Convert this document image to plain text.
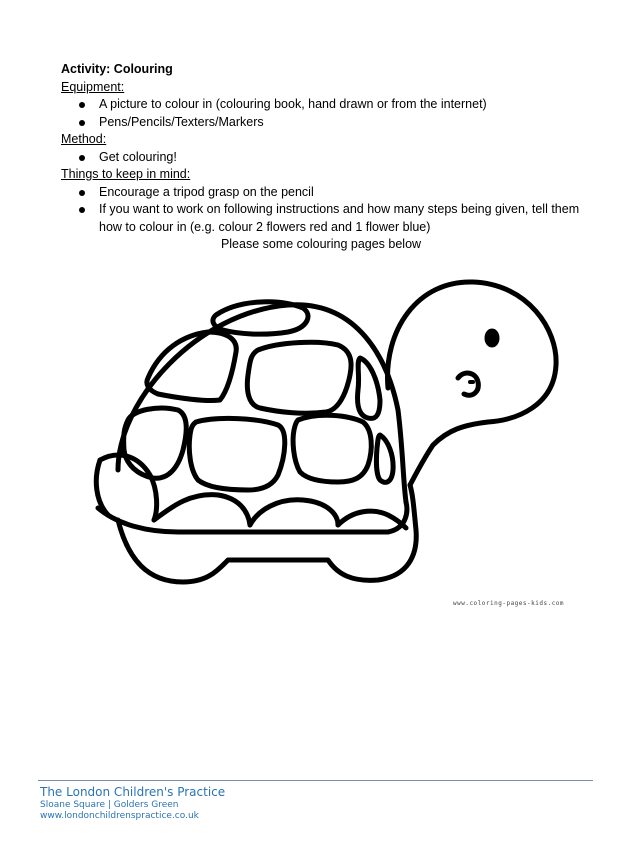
Activity: Colouring
Equipment:
A picture to colour in (colouring book, hand drawn or from the internet)
Pens/Pencils/Texters/Markers
Method:
Get colouring!
Things to keep in mind:
Encourage a tripod grasp on the pencil
If you want to work on following instructions and how many steps being given, tell them how to colour in (e.g. colour 2 flowers red and 1 flower blue)
Please some colouring pages below
www.coloring-pages-kids.com
The London Children's Practice
Sloane Square | Golders Green
www.londonchildrenspractice.co.uk
